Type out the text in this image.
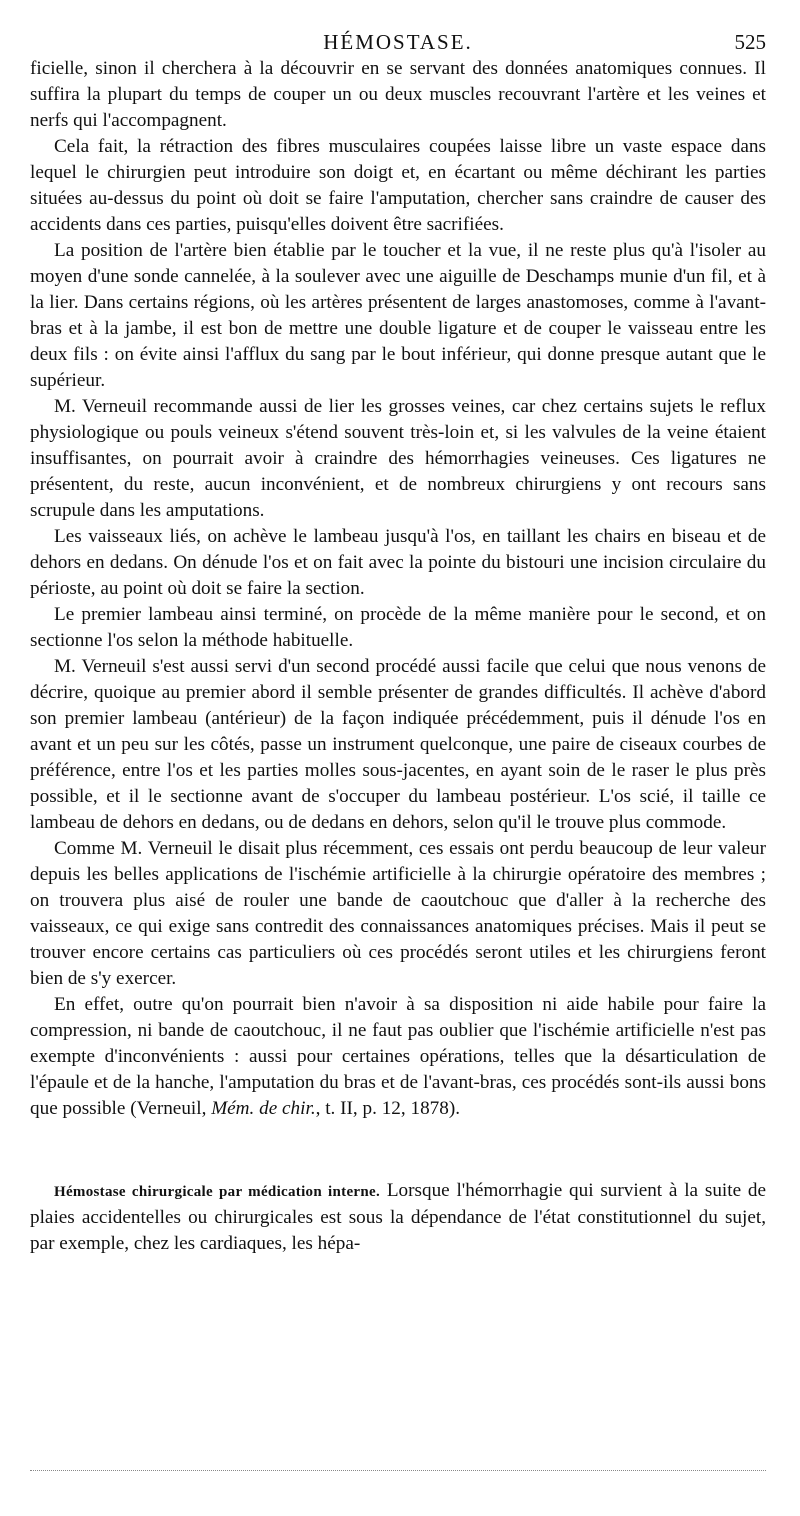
HÉMOSTASE.	525

ficielle, sinon il cherchera à la découvrir en se servant des données anatomiques connues. Il suffira la plupart du temps de couper un ou deux muscles recouvrant l'artère et les veines et nerfs qui l'accompagnent.

Cela fait, la rétraction des fibres musculaires coupées laisse libre un vaste espace dans lequel le chirurgien peut introduire son doigt et, en écartant ou même déchirant les parties situées au-dessus du point où doit se faire l'amputation, chercher sans craindre de causer des accidents dans ces parties, puisqu'elles doivent être sacrifiées.

La position de l'artère bien établie par le toucher et la vue, il ne reste plus qu'à l'isoler au moyen d'une sonde cannelée, à la soulever avec une aiguille de Deschamps munie d'un fil, et à la lier. Dans certains régions, où les artères présentent de larges anastomoses, comme à l'avant-bras et à la jambe, il est bon de mettre une double ligature et de couper le vaisseau entre les deux fils : on évite ainsi l'afflux du sang par le bout inférieur, qui donne presque autant que le supérieur.

M. Verneuil recommande aussi de lier les grosses veines, car chez certains sujets le reflux physiologique ou pouls veineux s'étend souvent très-loin et, si les valvules de la veine étaient insuffisantes, on pourrait avoir à craindre des hémorrhagies veineuses. Ces ligatures ne présentent, du reste, aucun inconvénient, et de nombreux chirurgiens y ont recours sans scrupule dans les amputations.

Les vaisseaux liés, on achève le lambeau jusqu'à l'os, en taillant les chairs en biseau et de dehors en dedans. On dénude l'os et on fait avec la pointe du bistouri une incision circulaire du périoste, au point où doit se faire la section.

Le premier lambeau ainsi terminé, on procède de la même manière pour le second, et on sectionne l'os selon la méthode habituelle.

M. Verneuil s'est aussi servi d'un second procédé aussi facile que celui que nous venons de décrire, quoique au premier abord il semble présenter de grandes difficultés. Il achève d'abord son premier lambeau (antérieur) de la façon indiquée précédemment, puis il dénude l'os en avant et un peu sur les côtés, passe un instrument quelconque, une paire de ciseaux courbes de préférence, entre l'os et les parties molles sous-jacentes, en ayant soin de le raser le plus près possible, et il le sectionne avant de s'occuper du lambeau postérieur. L'os scié, il taille ce lambeau de dehors en dedans, ou de dedans en dehors, selon qu'il le trouve plus commode.

Comme M. Verneuil le disait plus récemment, ces essais ont perdu beaucoup de leur valeur depuis les belles applications de l'ischémie artificielle à la chirurgie opératoire des membres ; on trouvera plus aisé de rouler une bande de caoutchouc que d'aller à la recherche des vaisseaux, ce qui exige sans contredit des connaissances anatomiques précises. Mais il peut se trouver encore certains cas particuliers où ces procédés seront utiles et les chirurgiens feront bien de s'y exercer.

En effet, outre qu'on pourrait bien n'avoir à sa disposition ni aide habile pour faire la compression, ni bande de caoutchouc, il ne faut pas oublier que l'ischémie artificielle n'est pas exempte d'inconvénients : aussi pour certaines opérations, telles que la désarticulation de l'épaule et de la hanche, l'amputation du bras et de l'avant-bras, ces procédés sont-ils aussi bons que possible (Verneuil, Mém. de chir., t. II, p. 12, 1878).

Hémostase chirurgicale par médication interne. Lorsque l'hémorrhagie qui survient à la suite de plaies accidentelles ou chirurgicales est sous la dépendance de l'état constitutionnel du sujet, par exemple, chez les cardiaques, les hépa-
